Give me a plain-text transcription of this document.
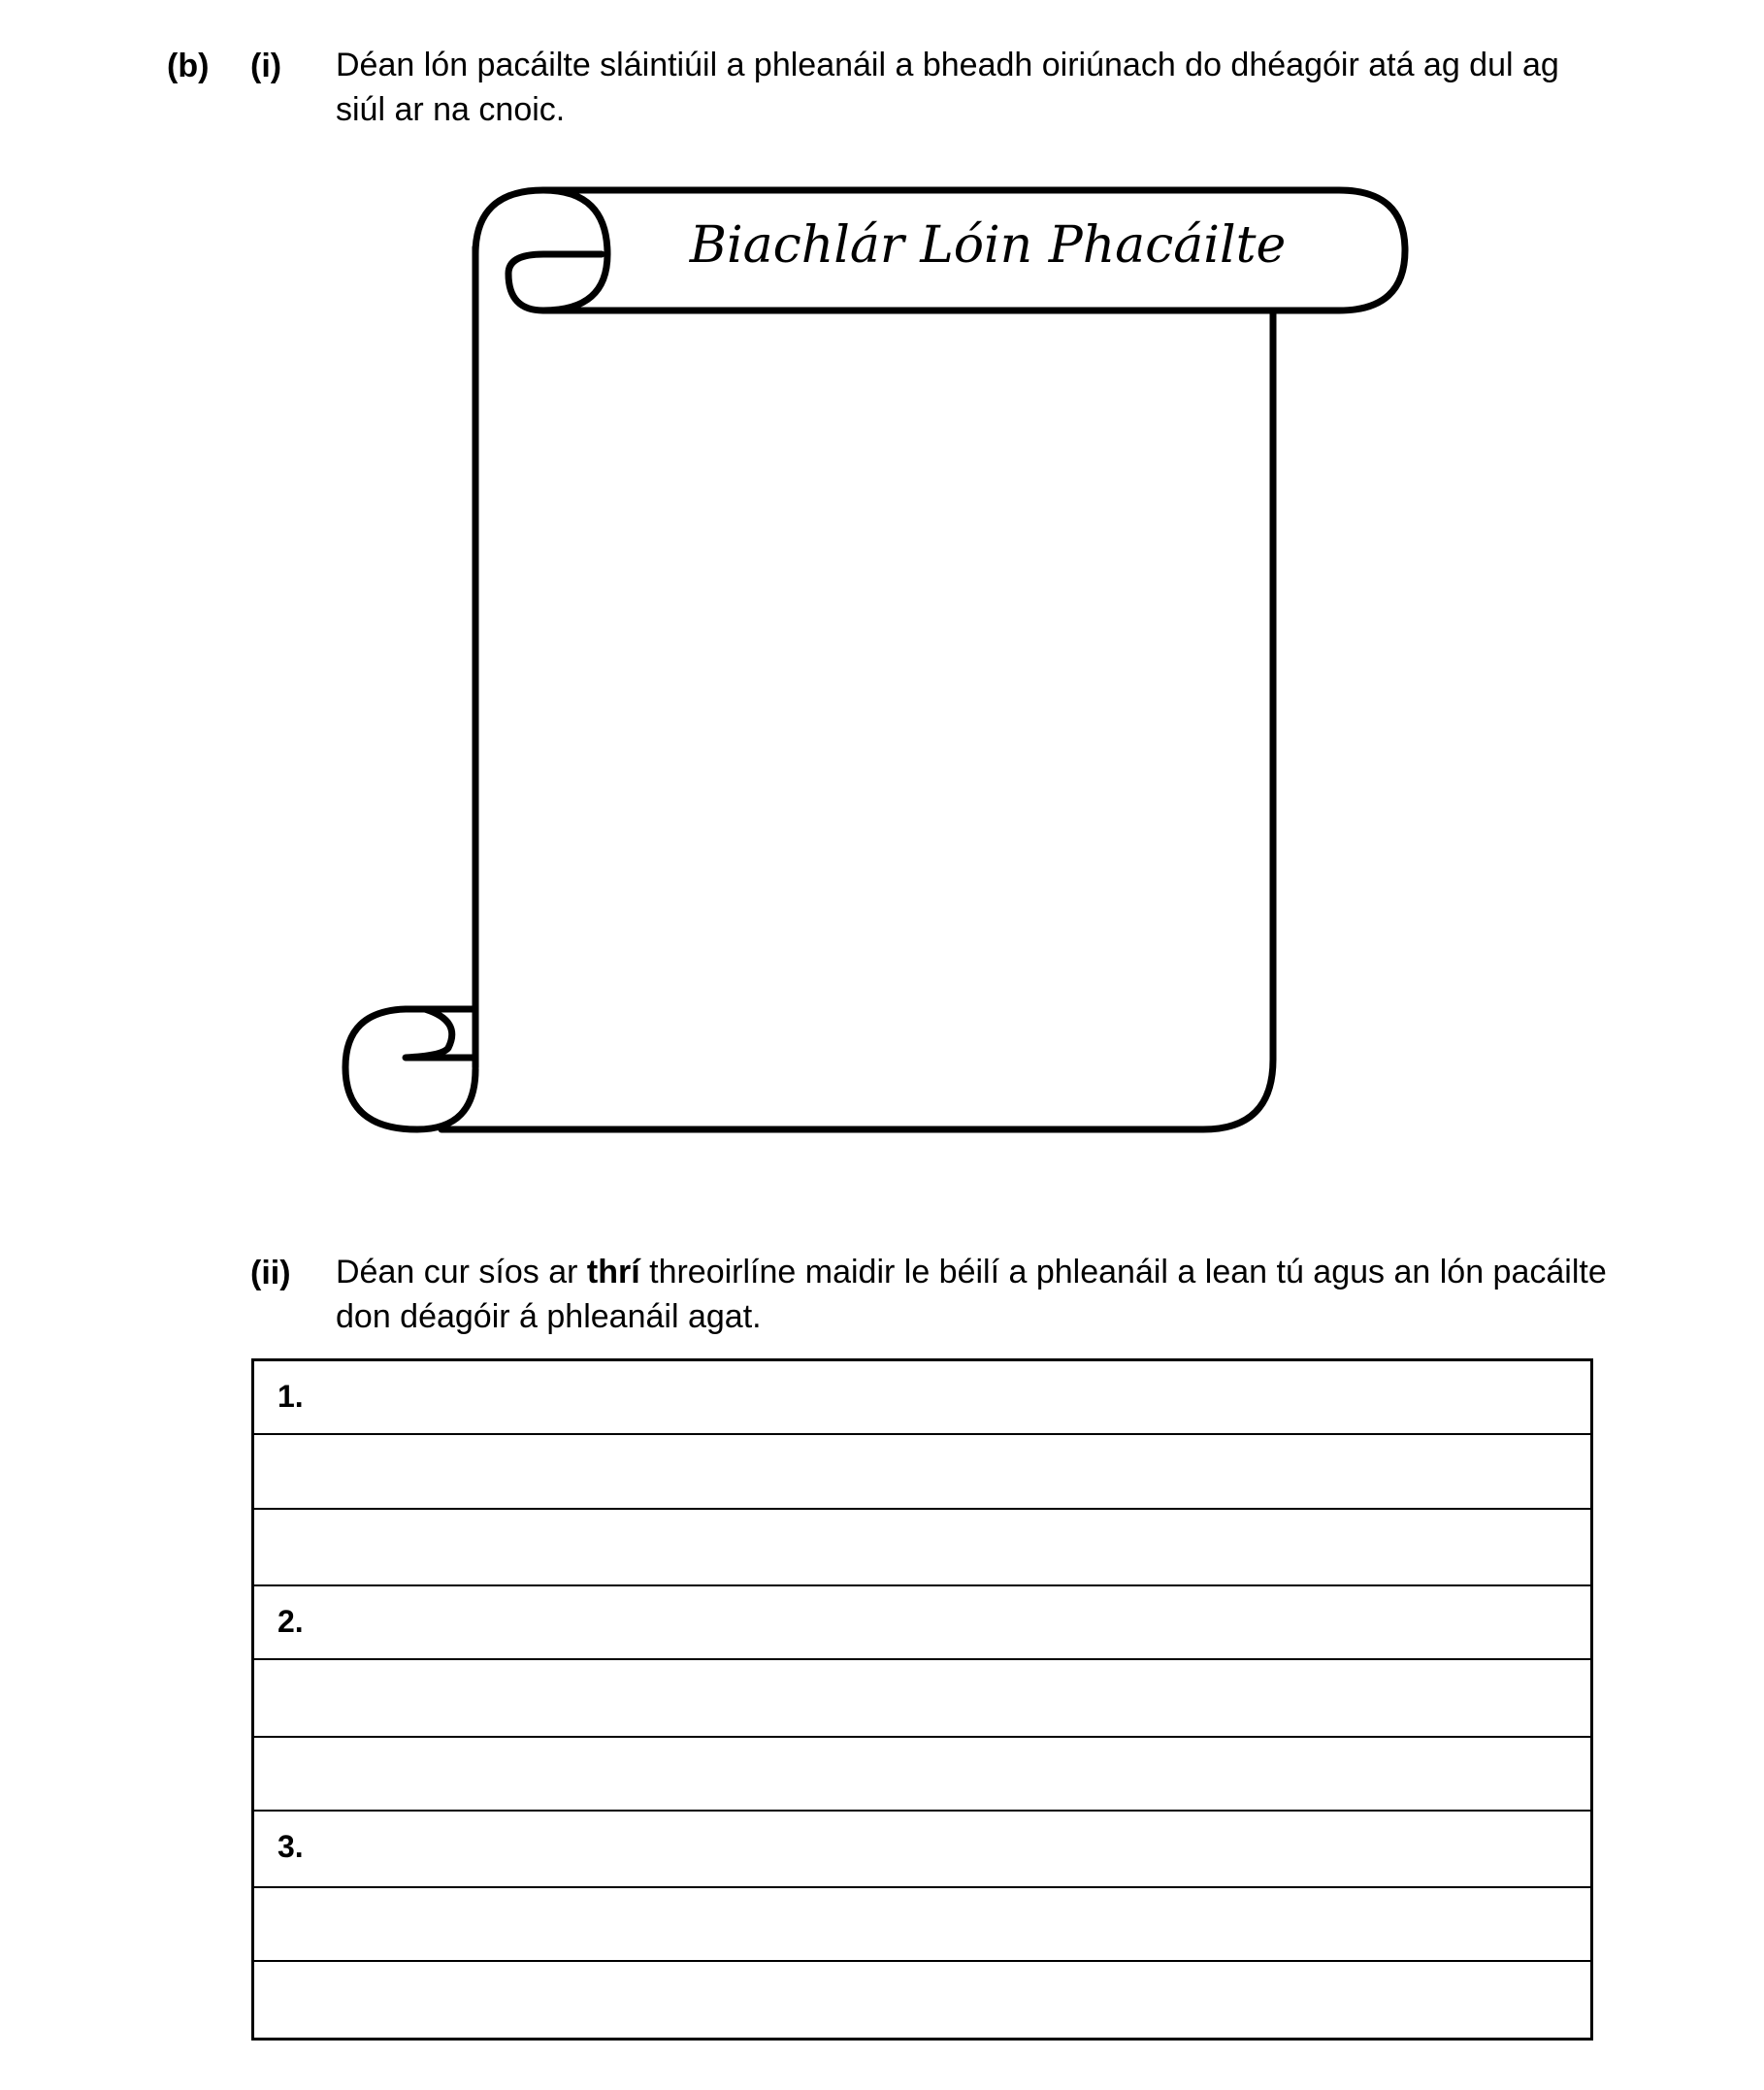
(b) (i) Déan lón pacáilte sláintiúil a phleanáil a bheadh oiriúnach do dhéagóir atá ag dul ag
siúl ar na cnoic.
Biachlár Lóin Phacáilte
(ii) Déan cur síos ar thrí threoirlíne maidir le béilí a phleanáil a lean tú agus an lón pacáilte
don déagóir á phleanáil agat.
1.
2.
3.
